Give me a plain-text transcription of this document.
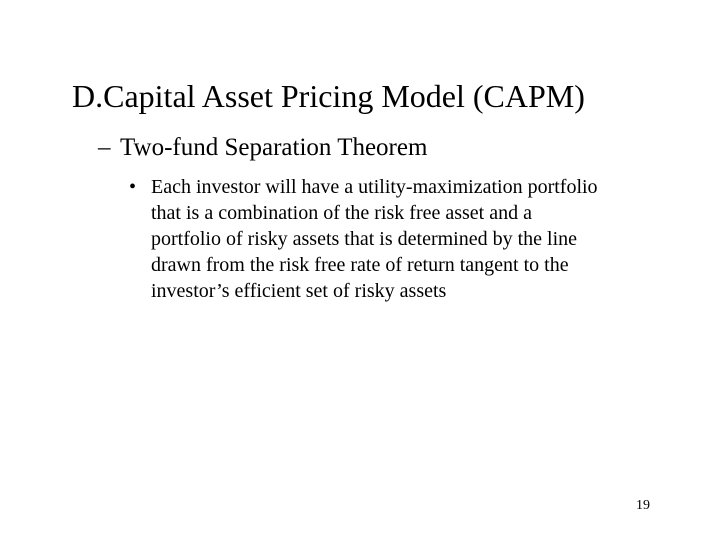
D.Capital Asset Pricing Model (CAPM)
– Two-fund Separation Theorem
• Each investor will have a utility-maximization portfolio
that is a combination of the risk free asset and a
portfolio of risky assets that is determined by the line
drawn from the risk free rate of return tangent to the
investor’s efficient set of risky assets
19
